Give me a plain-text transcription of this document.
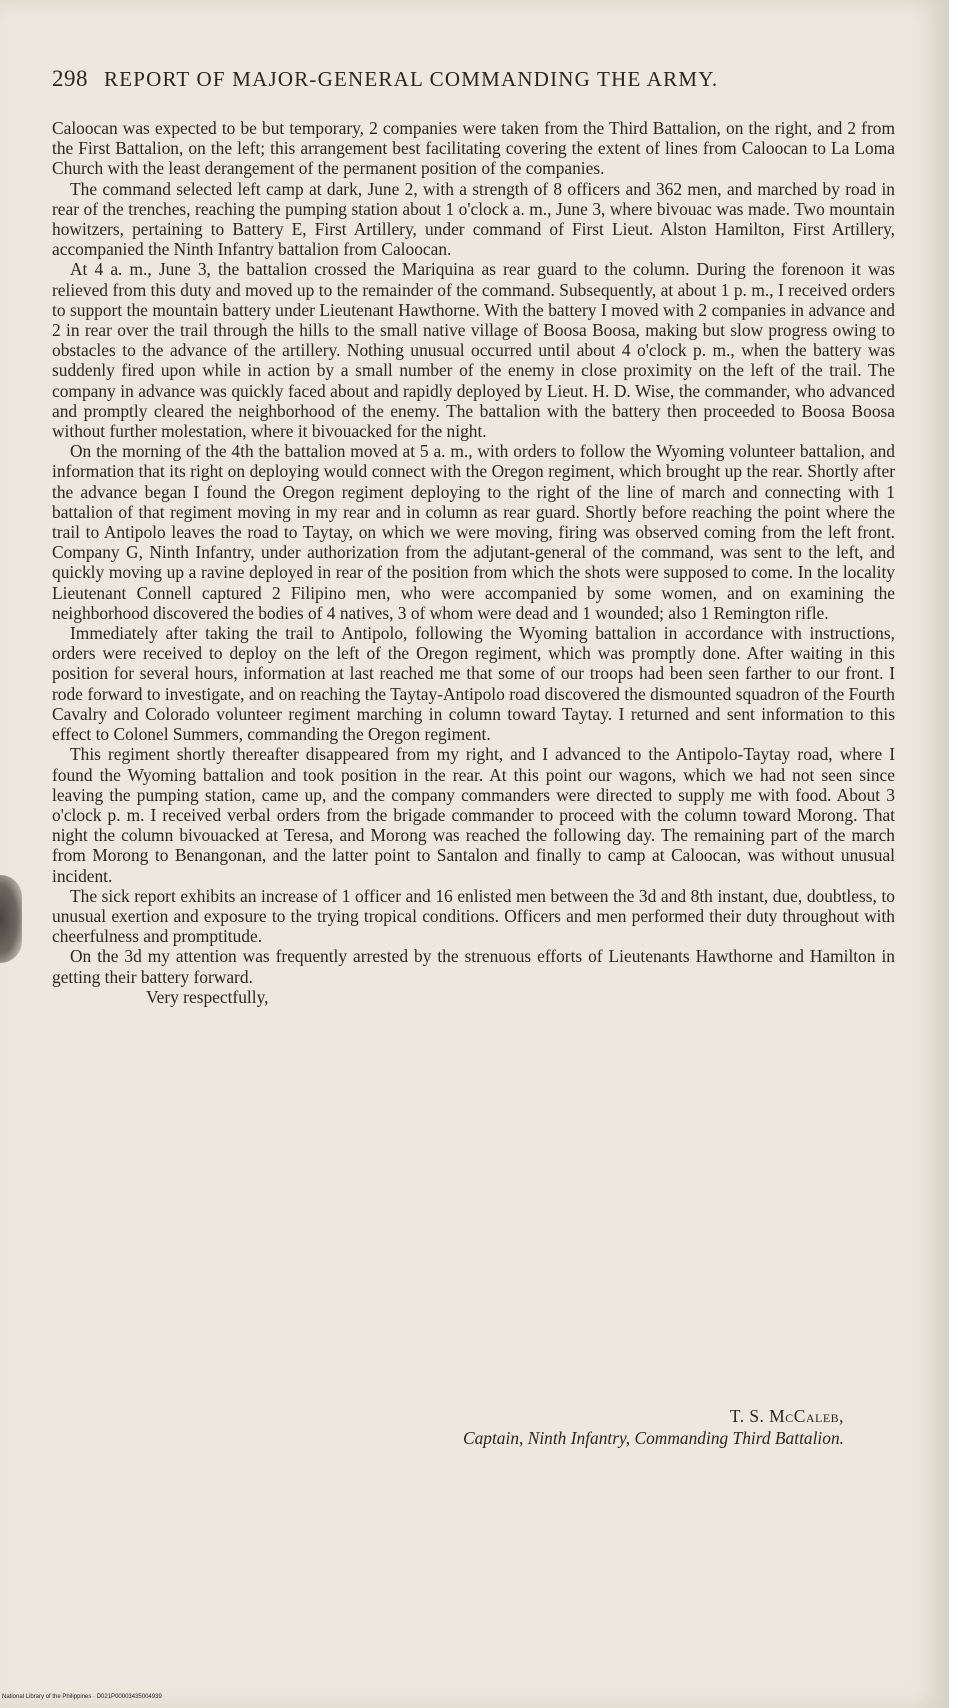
298 REPORT OF MAJOR-GENERAL COMMANDING THE ARMY.

Caloocan was expected to be but temporary, 2 companies were taken from the Third Battalion, on the right, and 2 from the First Battalion, on the left; this arrangement best facilitating covering the extent of lines from Caloocan to La Loma Church with the least derangement of the permanent position of the companies.

The command selected left camp at dark, June 2, with a strength of 8 officers and 362 men, and marched by road in rear of the trenches, reaching the pumping station about 1 o'clock a. m., June 3, where bivouac was made. Two mountain howitzers, pertaining to Battery E, First Artillery, under command of First Lieut. Alston Hamilton, First Artillery, accompanied the Ninth Infantry battalion from Caloocan.

At 4 a. m., June 3, the battalion crossed the Mariquina as rear guard to the column. During the forenoon it was relieved from this duty and moved up to the remainder of the command. Subsequently, at about 1 p. m., I received orders to support the mountain battery under Lieutenant Hawthorne. With the battery I moved with 2 companies in advance and 2 in rear over the trail through the hills to the small native village of Boosa Boosa, making but slow progress owing to obstacles to the advance of the artillery. Nothing unusual occurred until about 4 o'clock p. m., when the battery was suddenly fired upon while in action by a small number of the enemy in close proximity on the left of the trail. The company in advance was quickly faced about and rapidly deployed by Lieut. H. D. Wise, the commander, who advanced and promptly cleared the neighborhood of the enemy. The battalion with the battery then proceeded to Boosa Boosa without further molestation, where it bivouacked for the night.

On the morning of the 4th the battalion moved at 5 a. m., with orders to follow the Wyoming volunteer battalion, and information that its right on deploying would connect with the Oregon regiment, which brought up the rear. Shortly after the advance began I found the Oregon regiment deploying to the right of the line of march and connecting with 1 battalion of that regiment moving in my rear and in column as rear guard. Shortly before reaching the point where the trail to Antipolo leaves the road to Taytay, on which we were moving, firing was observed coming from the left front. Company G, Ninth Infantry, under authorization from the adjutant-general of the command, was sent to the left, and quickly moving up a ravine deployed in rear of the position from which the shots were supposed to come. In the locality Lieutenant Connell captured 2 Filipino men, who were accompanied by some women, and on examining the neighborhood discovered the bodies of 4 natives, 3 of whom were dead and 1 wounded; also 1 Remington rifle.

Immediately after taking the trail to Antipolo, following the Wyoming battalion in accordance with instructions, orders were received to deploy on the left of the Oregon regiment, which was promptly done. After waiting in this position for several hours, information at last reached me that some of our troops had been seen farther to our front. I rode forward to investigate, and on reaching the Taytay-Antipolo road discovered the dismounted squadron of the Fourth Cavalry and Colorado volunteer regiment marching in column toward Taytay. I returned and sent information to this effect to Colonel Summers, commanding the Oregon regiment.

This regiment shortly thereafter disappeared from my right, and I advanced to the Antipolo-Taytay road, where I found the Wyoming battalion and took position in the rear. At this point our wagons, which we had not seen since leaving the pumping station, came up, and the company commanders were directed to supply me with food. About 3 o'clock p. m. I received verbal orders from the brigade commander to proceed with the column toward Morong. That night the column bivouacked at Teresa, and Morong was reached the following day. The remaining part of the march from Morong to Benangonan, and the latter point to Santalon and finally to camp at Caloocan, was without unusual incident.

The sick report exhibits an increase of 1 officer and 16 enlisted men between the 3d and 8th instant, due, doubtless, to unusual exertion and exposure to the trying tropical conditions. Officers and men performed their duty throughout with cheerfulness and promptitude.

On the 3d my attention was frequently arrested by the strenuous efforts of Lieutenants Hawthorne and Hamilton in getting their battery forward.

Very respectfully,

T. S. McCaleb,
Captain, Ninth Infantry, Commanding Third Battalion.
National Library of the Philippines · D021P00003435004939
